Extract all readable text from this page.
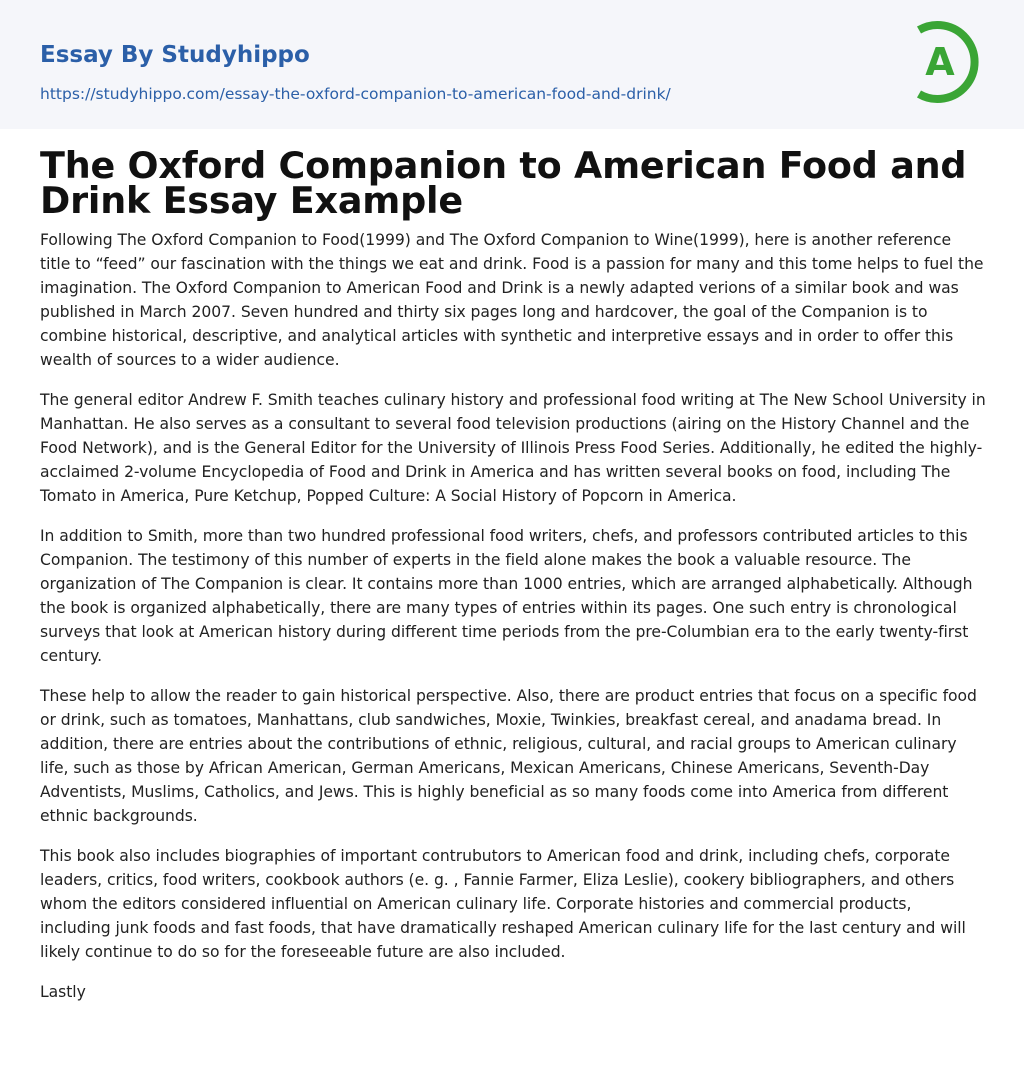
Essay By Studyhippo
https://studyhippo.com/essay-the-oxford-companion-to-american-food-and-drink/
A
The Oxford Companion to American Food and Drink Essay Example

Following The Oxford Companion to Food(1999) and The Oxford Companion to Wine(1999), here is another reference title to “feed” our fascination with the things we eat and drink. Food is a passion for many and this tome helps to fuel the imagination. The Oxford Companion to American Food and Drink is a newly adapted verions of a similar book and was published in March 2007. Seven hundred and thirty six pages long and hardcover, the goal of the Companion is to combine historical, descriptive, and analytical articles with synthetic and interpretive essays and in order to offer this wealth of sources to a wider audience.

The general editor Andrew F. Smith teaches culinary history and professional food writing at The New School University in Manhattan. He also serves as a consultant to several food television productions (airing on the History Channel and the Food Network), and is the General Editor for the University of Illinois Press Food Series. Additionally, he edited the highly- acclaimed 2-volume Encyclopedia of Food and Drink in America and has written several books on food, including The Tomato in America, Pure Ketchup, Popped Culture: A Social History of Popcorn in America.

In addition to Smith, more than two hundred professional food writers, chefs, and professors contributed articles to this Companion. The testimony of this number of experts in the field alone makes the book a valuable resource. The organization of The Companion is clear. It contains more than 1000 entries, which are arranged alphabetically. Although the book is organized alphabetically, there are many types of entries within its pages. One such entry is chronological surveys that look at American history during different time periods from the pre-Columbian era to the early twenty-first century.

These help to allow the reader to gain historical perspective. Also, there are product entries that focus on a specific food or drink, such as tomatoes, Manhattans, club sandwiches, Moxie, Twinkies, breakfast cereal, and anadama bread. In addition, there are entries about the contributions of ethnic, religious, cultural, and racial groups to American culinary life, such as those by African American, German Americans, Mexican Americans, Chinese Americans, Seventh-Day Adventists, Muslims, Catholics, and Jews. This is highly beneficial as so many foods come into America from different ethnic backgrounds.

This book also includes biographies of important contrubutors to American food and drink, including chefs, corporate leaders, critics, food writers, cookbook authors (e. g. , Fannie Farmer, Eliza Leslie), cookery bibliographers, and others whom the editors considered influential on American culinary life. Corporate histories and commercial products, including junk foods and fast foods, that have dramatically reshaped American culinary life for the last century and will likely continue to do so for the foreseeable future are also included.

Lastly
